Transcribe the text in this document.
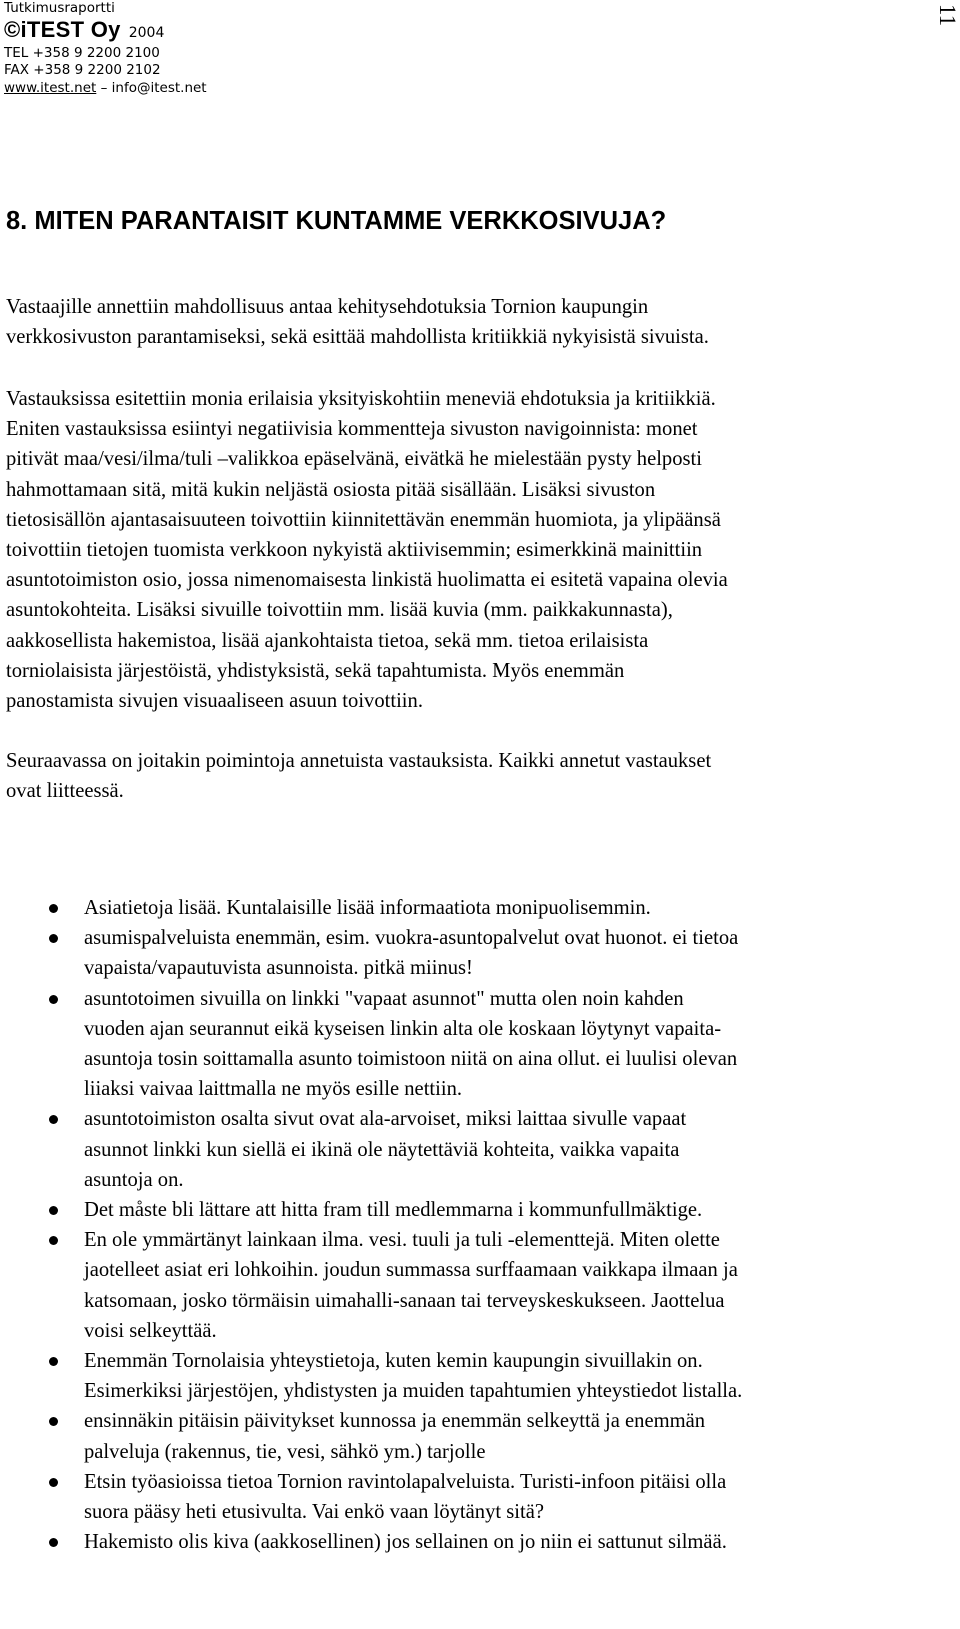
Tutkimusraportti
©iTEST Oy 2004
TEL +358 9 2200 2100
FAX +358 9 2200 2102
www.itest.net – info@itest.net
11
8. MITEN PARANTAISIT KUNTAMME VERKKOSIVUJA?
Vastaajille annettiin mahdollisuus antaa kehitysehdotuksia Tornion kaupungin
verkkosivuston parantamiseksi, sekä esittää mahdollista kritiikkiä nykyisistä sivuista.
Vastauksissa esitettiin monia erilaisia yksityiskohtiin meneviä ehdotuksia ja kritiikkiä.
Eniten vastauksissa esiintyi negatiivisia kommentteja sivuston navigoinnista: monet
pitivät maa/vesi/ilma/tuli –valikkoa epäselvänä, eivätkä he mielestään pysty helposti
hahmottamaan sitä, mitä kukin neljästä osiosta pitää sisällään. Lisäksi sivuston
tietosisällön ajantasaisuuteen toivottiin kiinnitettävän enemmän huomiota, ja ylipäänsä
toivottiin tietojen tuomista verkkoon nykyistä aktiivisemmin; esimerkkinä mainittiin
asuntotoimiston osio, jossa nimenomaisesta linkistä huolimatta ei esitetä vapaina olevia
asuntokohteita. Lisäksi sivuille toivottiin mm. lisää kuvia (mm. paikkakunnasta),
aakkosellista hakemistoa, lisää ajankohtaista tietoa, sekä mm. tietoa erilaisista
torniolaisista järjestöistä, yhdistyksistä, sekä tapahtumista. Myös enemmän
panostamista sivujen visuaaliseen asuun toivottiin.
Seuraavassa on joitakin poimintoja annetuista vastauksista. Kaikki annetut vastaukset
ovat liitteessä.
Asiatietoja lisää. Kuntalaisille lisää informaatiota monipuolisemmin.
asumispalveluista enemmän, esim. vuokra-asuntopalvelut ovat huonot. ei tietoa
vapaista/vapautuvista asunnoista. pitkä miinus!
asuntotoimen sivuilla on linkki "vapaat asunnot" mutta olen noin kahden
vuoden ajan seurannut eikä kyseisen linkin alta ole koskaan löytynyt vapaita-
asuntoja tosin soittamalla asunto toimistoon niitä on aina ollut. ei luulisi olevan
liiaksi vaivaa laittmalla ne myös esille nettiin.
asuntotoimiston osalta sivut ovat ala-arvoiset, miksi laittaa sivulle vapaat
asunnot linkki kun siellä ei ikinä ole näytettäviä kohteita, vaikka vapaita
asuntoja on.
Det måste bli lättare att hitta fram till medlemmarna i kommunfullmäktige.
En ole ymmärtänyt lainkaan ilma. vesi. tuuli ja tuli -elementtejä. Miten olette
jaotelleet asiat eri lohkoihin. joudun summassa surffaamaan vaikkapa ilmaan ja
katsomaan, josko törmäisin uimahalli-sanaan tai terveyskeskukseen. Jaottelua
voisi selkeyttää.
Enemmän Tornolaisia yhteystietoja, kuten kemin kaupungin sivuillakin on.
Esimerkiksi järjestöjen, yhdistysten ja muiden tapahtumien yhteystiedot listalla.
ensinnäkin pitäisin päivitykset kunnossa ja enemmän selkeyttä ja enemmän
palveluja (rakennus, tie, vesi, sähkö ym.) tarjolle
Etsin työasioissa tietoa Tornion ravintolapalveluista. Turisti-infoon pitäisi olla
suora pääsy heti etusivulta. Vai enkö vaan löytänyt sitä?
Hakemisto olis kiva (aakkosellinen) jos sellainen on jo niin ei sattunut silmää.
